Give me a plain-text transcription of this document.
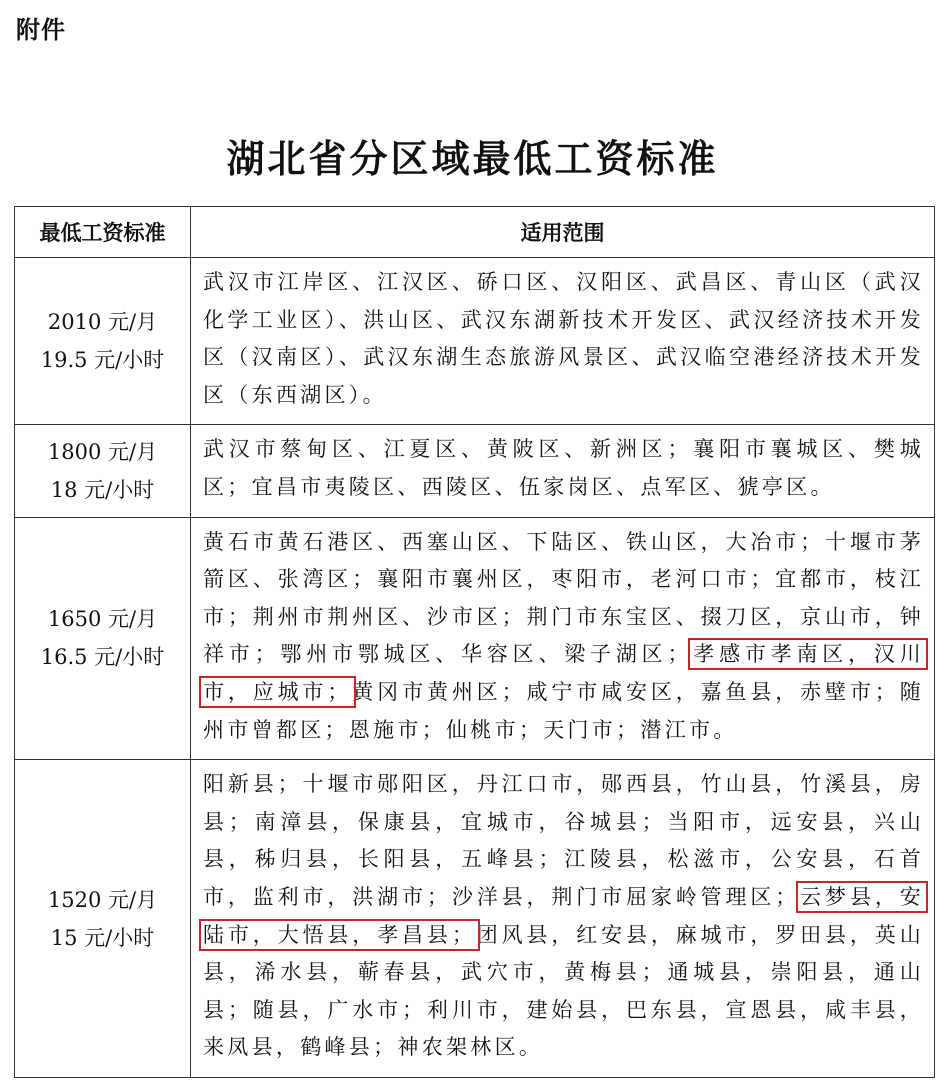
附件
湖北省分区域最低工资标准
最低工资标准	适用范围

2010 元/月
19.5 元/小时	武汉市江岸区、江汉区、硚口区、汉阳区、武昌区、青山区（武汉化学工业区）、洪山区、武汉东湖新技术开发区、武汉经济技术开发区（汉南区）、武汉东湖生态旅游风景区、武汉临空港经济技术开发区（东西湖区）。

1800 元/月
18 元/小时	武汉市蔡甸区、江夏区、黄陂区、新洲区；襄阳市襄城区、樊城区；宜昌市夷陵区、西陵区、伍家岗区、点军区、猇亭区。

1650 元/月
16.5 元/小时	黄石市黄石港区、西塞山区、下陆区、铁山区，大冶市；十堰市茅箭区、张湾区；襄阳市襄州区，枣阳市，老河口市；宜都市，枝江市；荆州市荆州区、沙市区；荆门市东宝区、掇刀区，京山市，钟祥市；鄂州市鄂城区、华容区、梁子湖区；孝感市孝南区，汉川市，应城市；黄冈市黄州区；咸宁市咸安区，嘉鱼县，赤壁市；随州市曾都区；恩施市；仙桃市；天门市；潜江市。

1520 元/月
15 元/小时	阳新县；十堰市郧阳区，丹江口市，郧西县，竹山县，竹溪县，房县；南漳县，保康县，宜城市，谷城县；当阳市，远安县，兴山县，秭归县，长阳县，五峰县；江陵县，松滋市，公安县，石首市，监利市，洪湖市；沙洋县，荆门市屈家岭管理区；云梦县，安陆市，大悟县，孝昌县；团风县，红安县，麻城市，罗田县，英山县，浠水县，蕲春县，武穴市，黄梅县；通城县，崇阳县，通山县；随县，广水市；利川市，建始县，巴东县，宣恩县，咸丰县，来凤县，鹤峰县；神农架林区。
